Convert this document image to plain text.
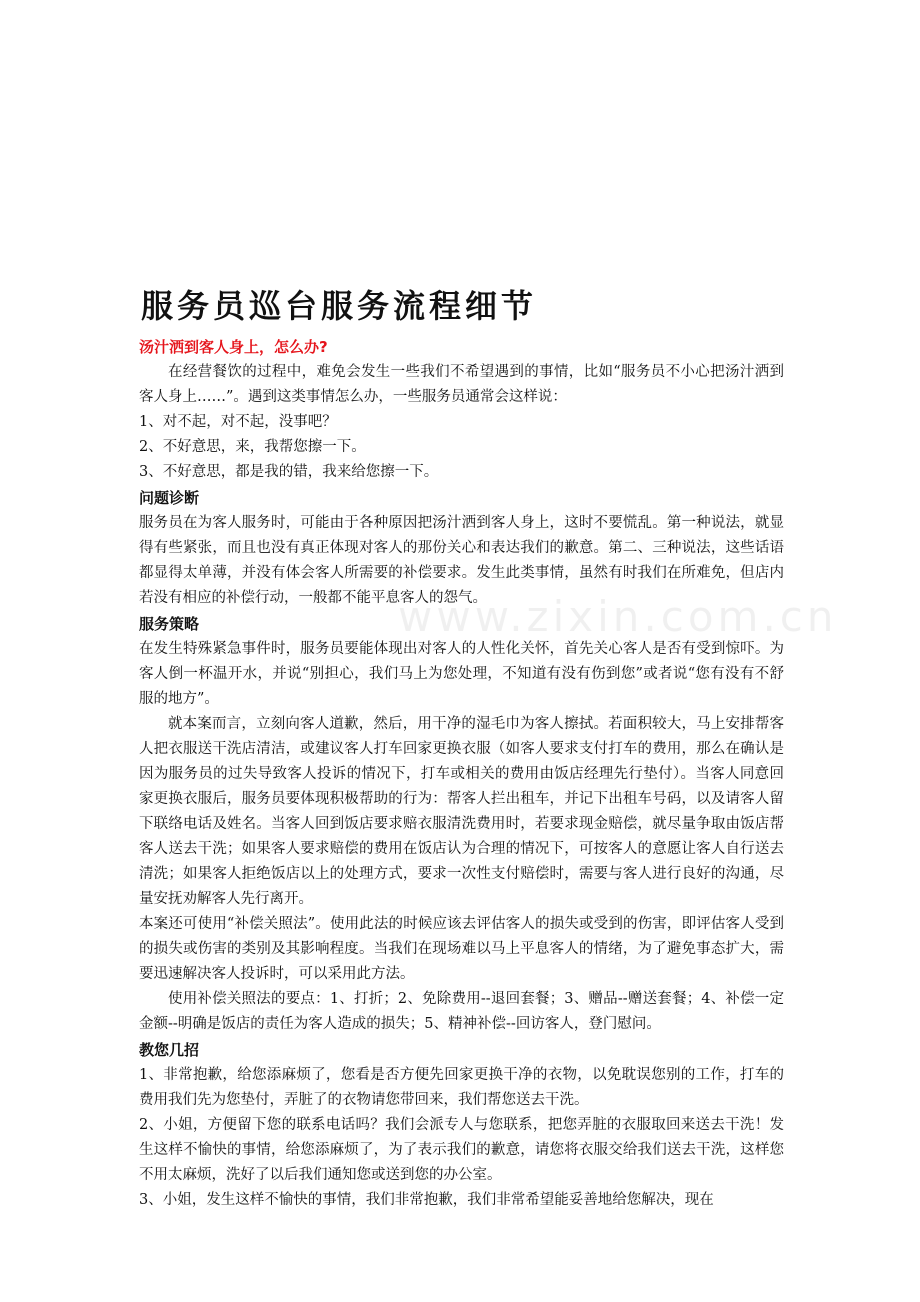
www.zixin.com.cn
服务员巡台服务流程细节
汤汁洒到客人身上，怎么办?

在经营餐饮的过程中，难免会发生一些我们不希望遇到的事情，比如“服务员不小心把汤汁洒到客人身上……”。遇到这类事情怎么办，一些服务员通常会这样说：

1、对不起，对不起，没事吧？

2、不好意思，来，我帮您擦一下。

3、不好意思，都是我的错，我来给您擦一下。

问题诊断

服务员在为客人服务时，可能由于各种原因把汤汁洒到客人身上，这时不要慌乱。第一种说法，就显得有些紧张，而且也没有真正体现对客人的那份关心和表达我们的歉意。第二、三种说法，这些话语都显得太单薄，并没有体会客人所需要的补偿要求。发生此类事情，虽然有时我们在所难免，但店内若没有相应的补偿行动，一般都不能平息客人的怨气。

服务策略

在发生特殊紧急事件时，服务员要能体现出对客人的人性化关怀，首先关心客人是否有受到惊吓。为客人倒一杯温开水，并说“别担心，我们马上为您处理，不知道有没有伤到您”或者说“您有没有不舒服的地方”。

就本案而言，立刻向客人道歉，然后，用干净的湿毛巾为客人擦拭。若面积较大，马上安排帮客人把衣服送干洗店清洁，或建议客人打车回家更换衣服（如客人要求支付打车的费用，那么在确认是因为服务员的过失导致客人投诉的情况下，打车或相关的费用由饭店经理先行垫付）。当客人同意回家更换衣服后，服务员要体现积极帮助的行为：帮客人拦出租车，并记下出租车号码，以及请客人留下联络电话及姓名。当客人回到饭店要求赔衣服清洗费用时，若要求现金赔偿，就尽量争取由饭店帮客人送去干洗；如果客人要求赔偿的费用在饭店认为合理的情况下，可按客人的意愿让客人自行送去清洗；如果客人拒绝饭店以上的处理方式，要求一次性支付赔偿时，需要与客人进行良好的沟通，尽量安抚劝解客人先行离开。

本案还可使用“补偿关照法”。使用此法的时候应该去评估客人的损失或受到的伤害，即评估客人受到的损失或伤害的类别及其影响程度。当我们在现场难以马上平息客人的情绪，为了避免事态扩大，需要迅速解决客人投诉时，可以采用此方法。

使用补偿关照法的要点：1、打折；2、免除费用--退回套餐；3、赠品--赠送套餐；4、补偿一定金额--明确是饭店的责任为客人造成的损失；5、精神补偿--回访客人，登门慰问。

教您几招

1、非常抱歉，给您添麻烦了，您看是否方便先回家更换干净的衣物，以免耽误您别的工作，打车的费用我们先为您垫付，弄脏了的衣物请您带回来，我们帮您送去干洗。

2、小姐，方便留下您的联系电话吗？我们会派专人与您联系，把您弄脏的衣服取回来送去干洗！发生这样不愉快的事情，给您添麻烦了，为了表示我们的歉意，请您将衣服交给我们送去干洗，这样您不用太麻烦，洗好了以后我们通知您或送到您的办公室。

3、小姐，发生这样不愉快的事情，我们非常抱歉，我们非常希望能妥善地给您解决，现在
